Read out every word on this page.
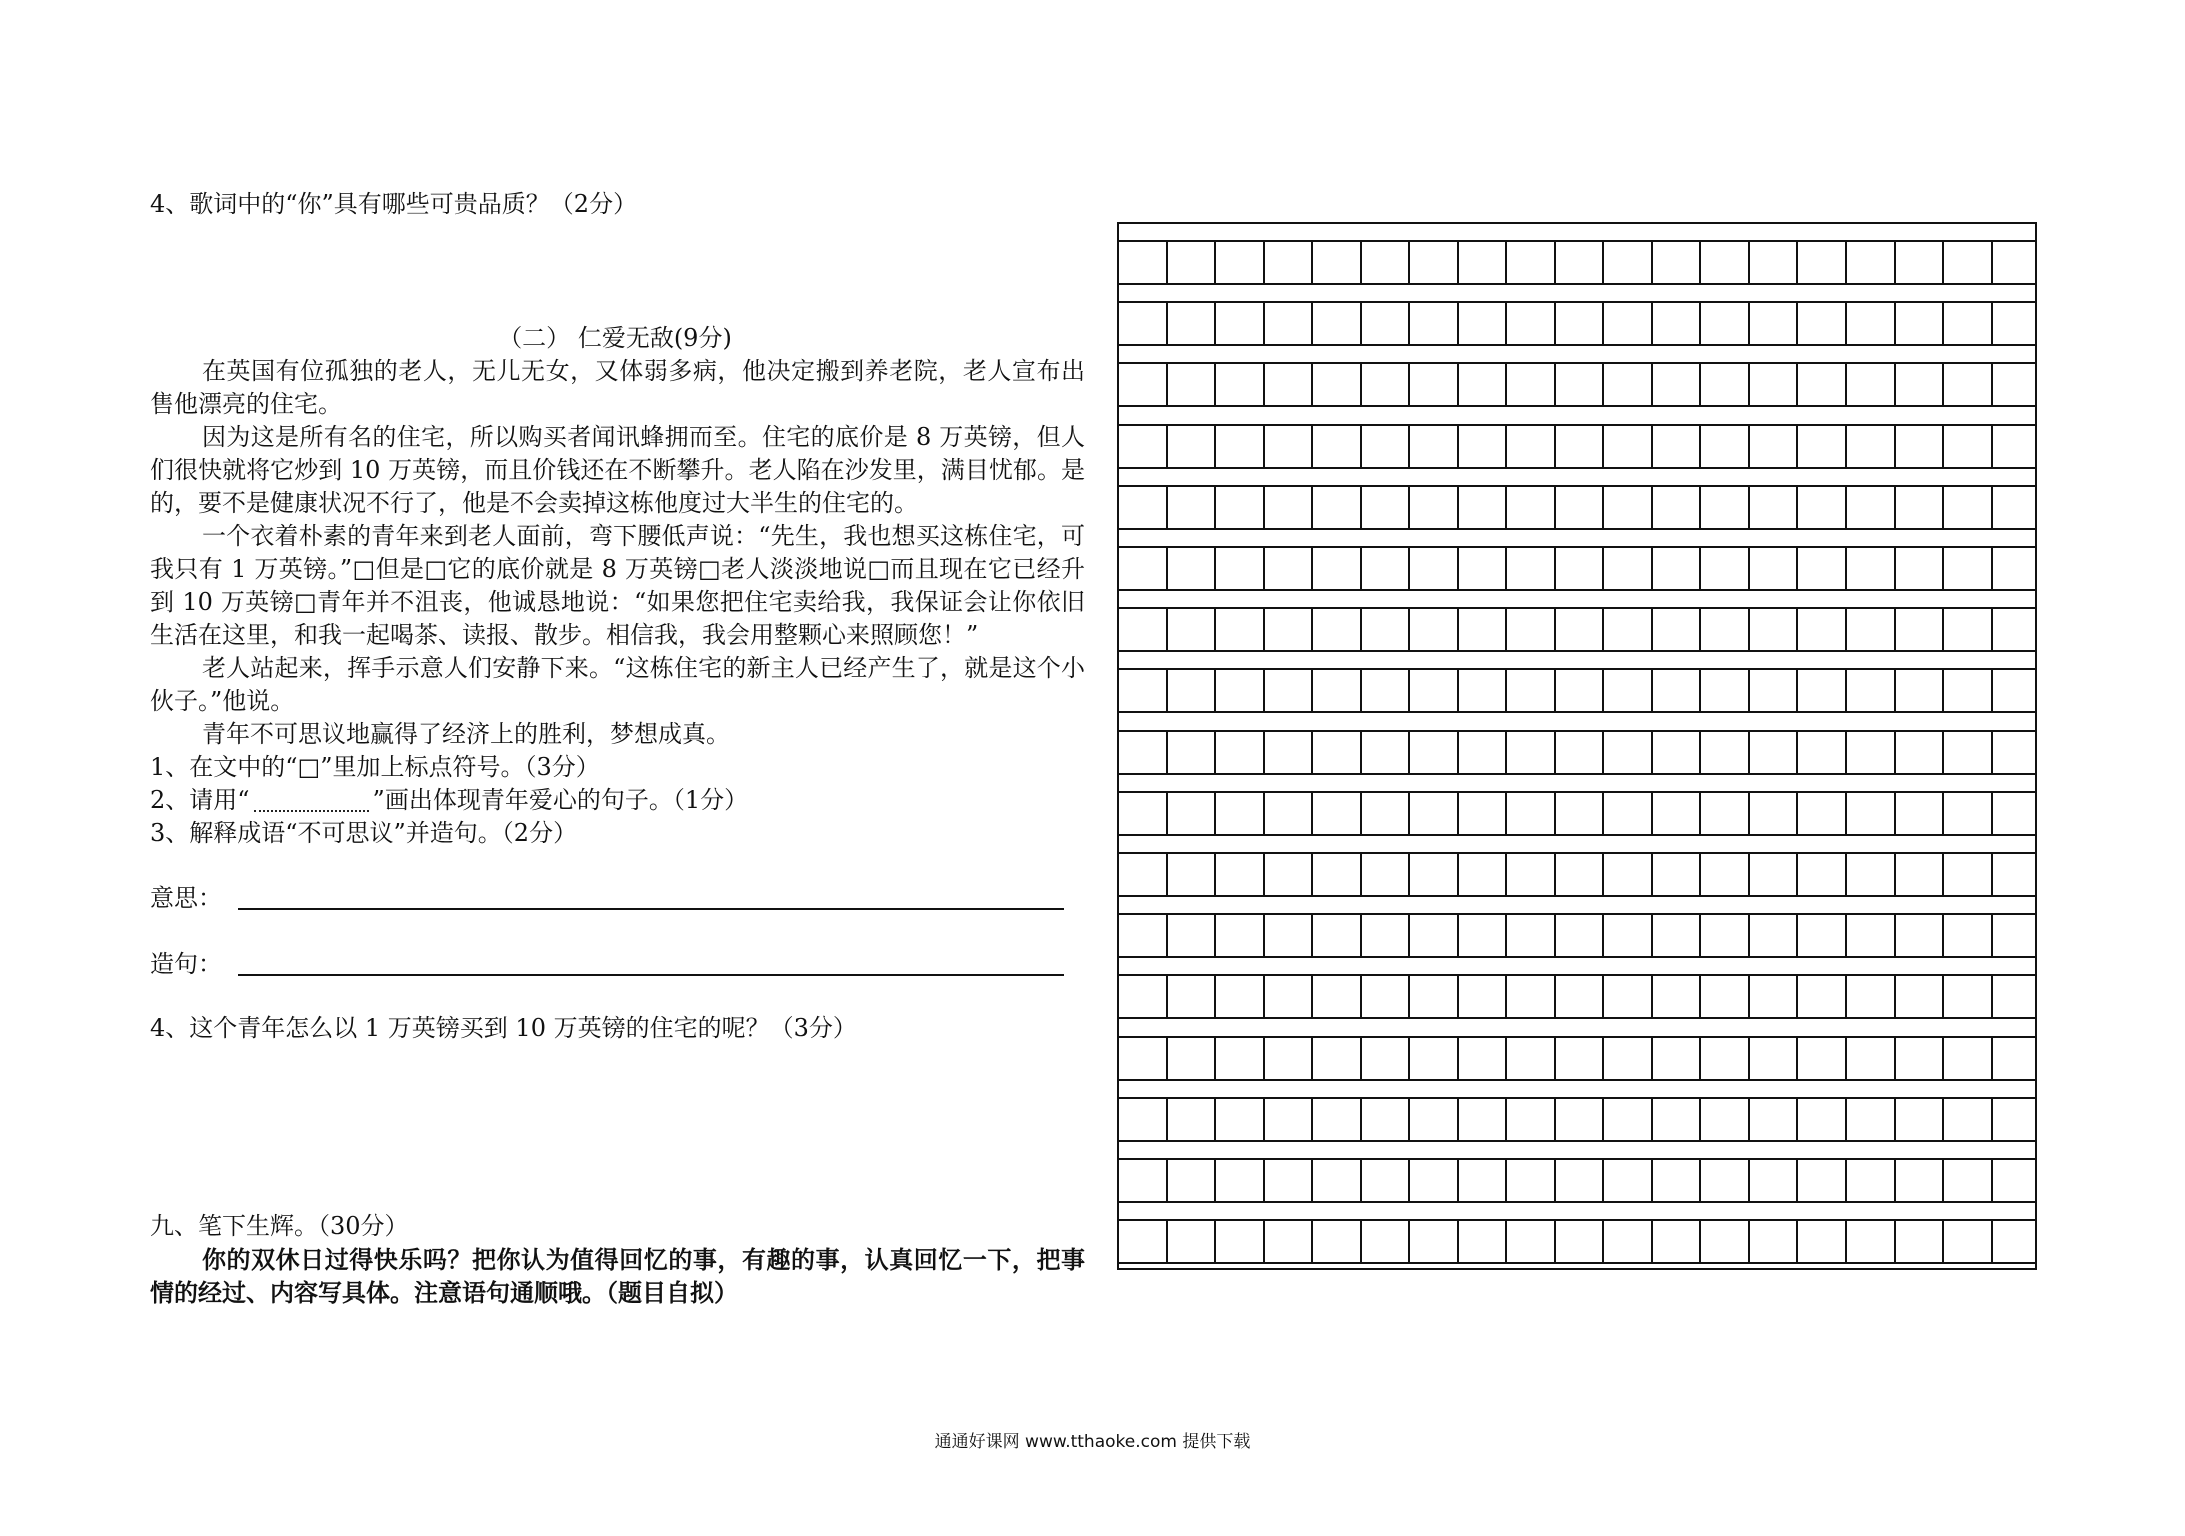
4、歌词中的“你”具有哪些可贵品质？（2分）
（二） 仁爱无敌(9分)
在英国有位孤独的老人，无儿无女，又体弱多病，他决定搬到养老院，老人宣布出售他漂亮的住宅。
因为这是所有名的住宅，所以购买者闻讯蜂拥而至。住宅的底价是 8 万英镑，但人们很快就将它炒到 10 万英镑，而且价钱还在不断攀升。老人陷在沙发里，满目忧郁。是的，要不是健康状况不行了，他是不会卖掉这栋他度过大半生的住宅的。
一个衣着朴素的青年来到老人面前，弯下腰低声说：“先生，我也想买这栋住宅，可我只有 1 万英镑。”□但是□它的底价就是 8 万英镑□老人淡淡地说□而且现在它已经升到 10 万英镑□青年并不沮丧，他诚恳地说：“如果您把住宅卖给我，我保证会让你依旧生活在这里，和我一起喝茶、读报、散步。相信我，我会用整颗心来照顾您！”
老人站起来，挥手示意人们安静下来。“这栋住宅的新主人已经产生了，就是这个小伙子。”他说。
青年不可思议地赢得了经济上的胜利，梦想成真。
1、在文中的“□”里加上标点符号。（3分）
2、请用“	”画出体现青年爱心的句子。（1分）
3、解释成语“不可思议”并造句。（2分）
意思：
造句：
4、这个青年怎么以 1 万英镑买到 10 万英镑的住宅的呢？（3分）
九、笔下生辉。（30分）
你的双休日过得快乐吗？把你认为值得回忆的事，有趣的事，认真回忆一下，把事情的经过、内容写具体。注意语句通顺哦。（题目自拟）
通通好课网 www.tthaoke.com 提供下载
